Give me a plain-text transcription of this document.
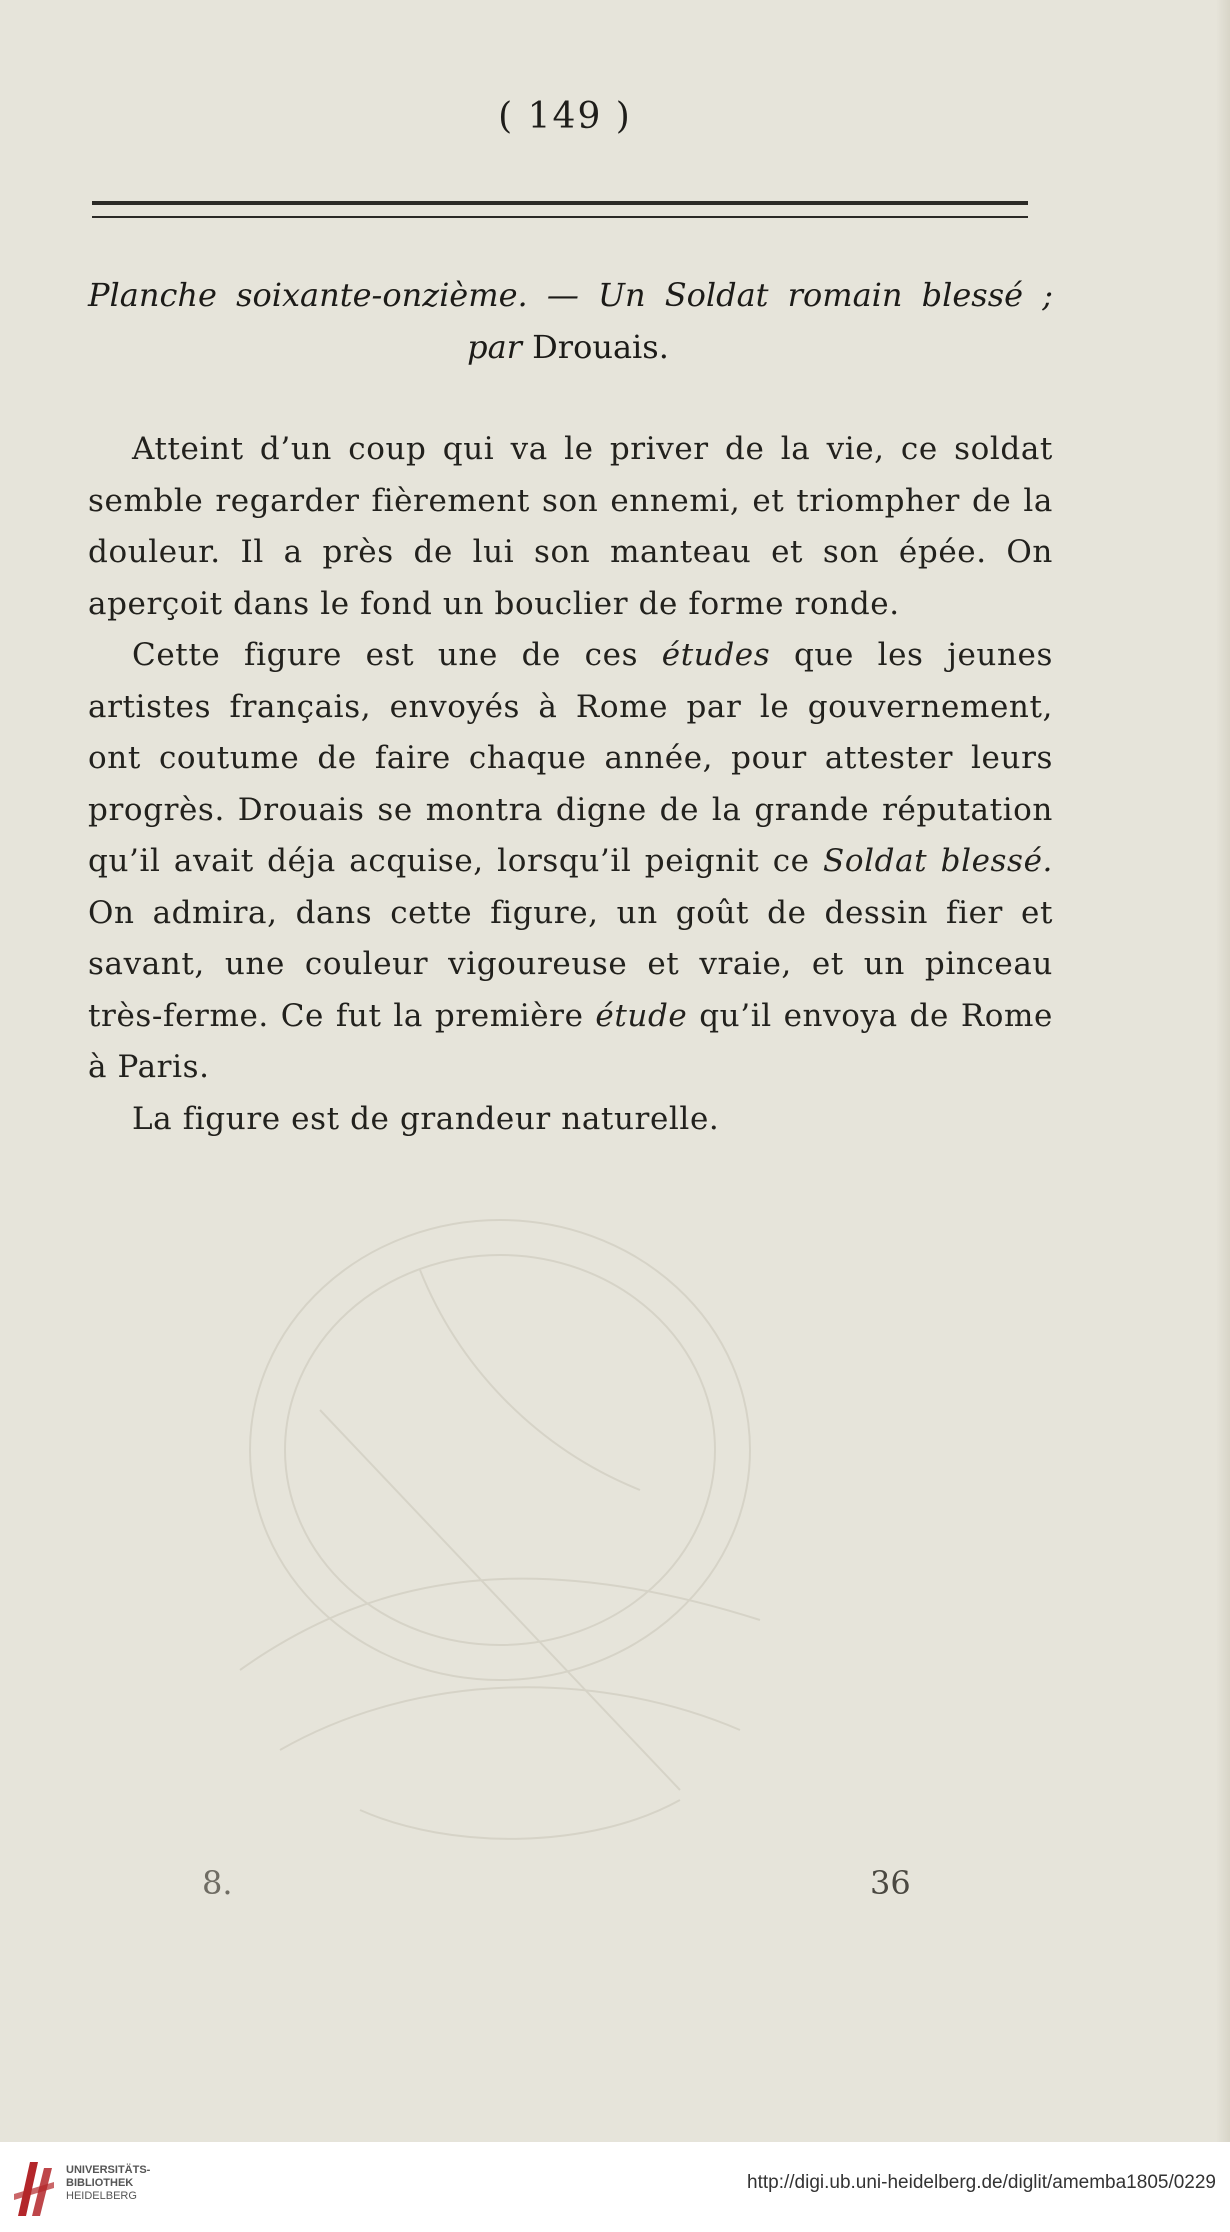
( 149 )
Planche soixante-onzième. — Un Soldat romain blessé ;
par Drouais.

Atteint d’un coup qui va le priver de la vie, ce soldat semble regarder fièrement son ennemi, et triompher de la douleur. Il a près de lui son manteau et son épée. On aperçoit dans le fond un bouclier de forme ronde.

Cette figure est une de ces études que les jeunes artistes français, envoyés à Rome par le gouvernement, ont coutume de faire chaque année, pour attester leurs progrès. Drouais se montra digne de la grande réputation qu’il avait déja acquise, lorsqu’il peignit ce Soldat blessé. On admira, dans cette figure, un goût de dessin fier et savant, une couleur vigoureuse et vraie, et un pinceau très-ferme. Ce fut la première étude qu’il envoya de Rome à Paris.

La figure est de grandeur naturelle.

8.	36
UNIVERSITÄTS-
BIBLIOTHEK
HEIDELBERG
http://digi.ub.uni-heidelberg.de/diglit/amemba1805/0229
